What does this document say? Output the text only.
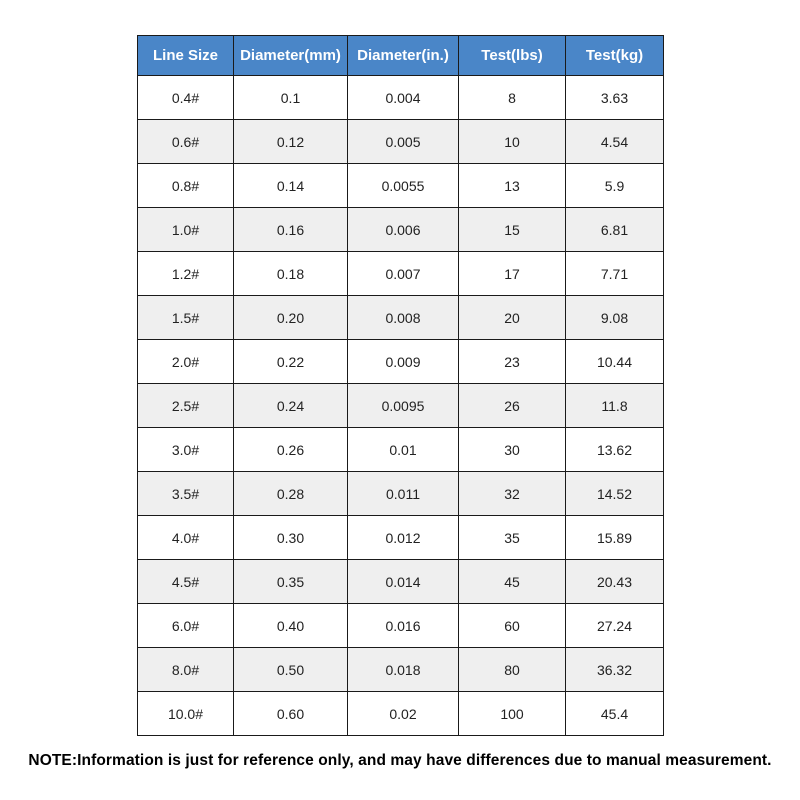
Line Size	Diameter(mm)	Diameter(in.)	Test(lbs)	Test(kg)
0.4#	0.1	0.004	8	3.63
0.6#	0.12	0.005	10	4.54
0.8#	0.14	0.0055	13	5.9
1.0#	0.16	0.006	15	6.81
1.2#	0.18	0.007	17	7.71
1.5#	0.20	0.008	20	9.08
2.0#	0.22	0.009	23	10.44
2.5#	0.24	0.0095	26	11.8
3.0#	0.26	0.01	30	13.62
3.5#	0.28	0.011	32	14.52
4.0#	0.30	0.012	35	15.89
4.5#	0.35	0.014	45	20.43
6.0#	0.40	0.016	60	27.24
8.0#	0.50	0.018	80	36.32
10.0#	0.60	0.02	100	45.4
NOTE:Information is just for reference only, and may have differences due to manual measurement.
